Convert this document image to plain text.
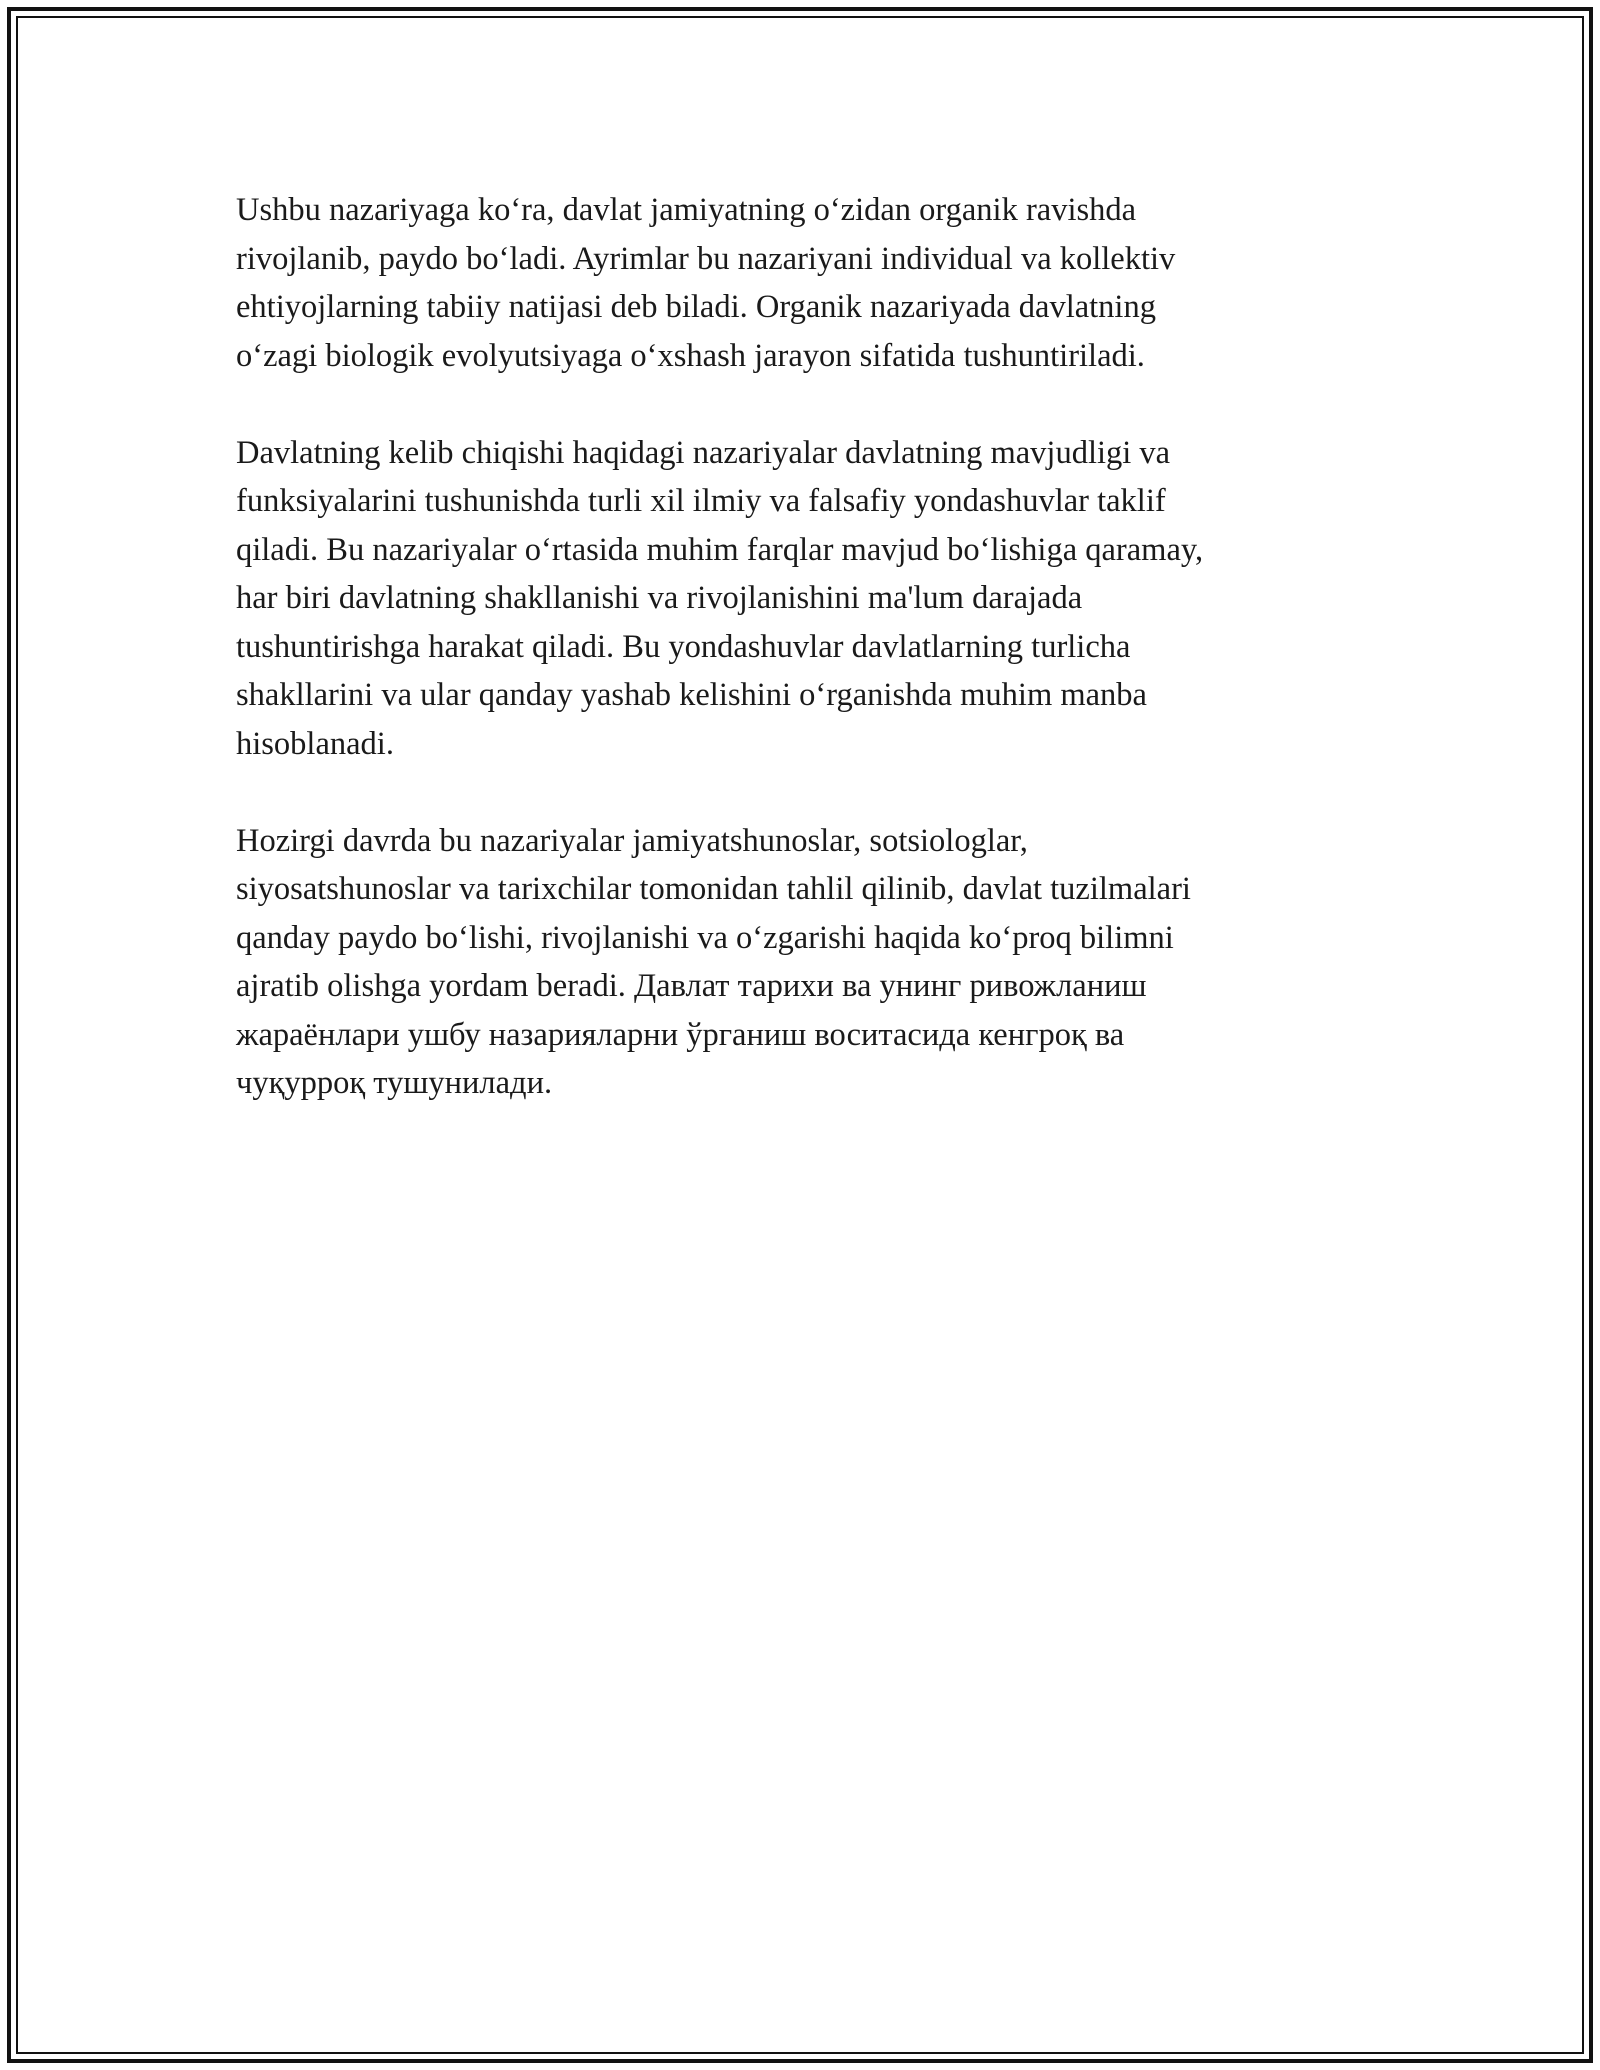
Ushbu nazariyaga ko‘ra, davlat jamiyatning o‘zidan organik ravishda
rivojlanib, paydo bo‘ladi. Ayrimlar bu nazariyani individual va kollektiv
ehtiyojlarning tabiiy natijasi deb biladi. Organik nazariyada davlatning
o‘zagi biologik evolyutsiyaga o‘xshash jarayon sifatida tushuntiriladi.

Davlatning kelib chiqishi haqidagi nazariyalar davlatning mavjudligi va
funksiyalarini tushunishda turli xil ilmiy va falsafiy yondashuvlar taklif
qiladi. Bu nazariyalar o‘rtasida muhim farqlar mavjud bo‘lishiga qaramay,
har biri davlatning shakllanishi va rivojlanishini ma'lum darajada
tushuntirishga harakat qiladi. Bu yondashuvlar davlatlarning turlicha
shakllarini va ular qanday yashab kelishini o‘rganishda muhim manba
hisoblanadi.

Hozirgi davrda bu nazariyalar jamiyatshunoslar, sotsiologlar,
siyosatshunoslar va tarixchilar tomonidan tahlil qilinib, davlat tuzilmalari
qanday paydo bo‘lishi, rivojlanishi va o‘zgarishi haqida ko‘proq bilimni
ajratib olishga yordam beradi. Давлат тарихи ва унинг ривожланиш
жараёнлари ушбу назарияларни ўрганиш воситасида кенгроқ ва
чуқурроқ тушунилади.
